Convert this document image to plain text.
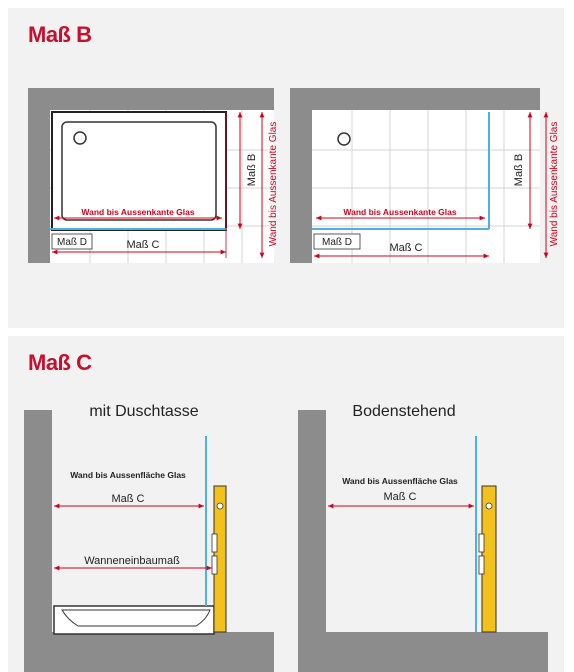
Maß B
Wand bis Aussenkante Glas
Maß D	Maß C
Maß B Wand bis Aussenkante Glas	Wand bis Aussenkante Glas
Maß D	Maß C
Maß B Wand bis Aussenkante Glas
Maß C
mit Duschtasse
Wand bis Aussenfläche Glas
Maß C
Wanneneinbaumaß
Bodenstehend
Wand bis Aussenfläche Glas
Maß C
